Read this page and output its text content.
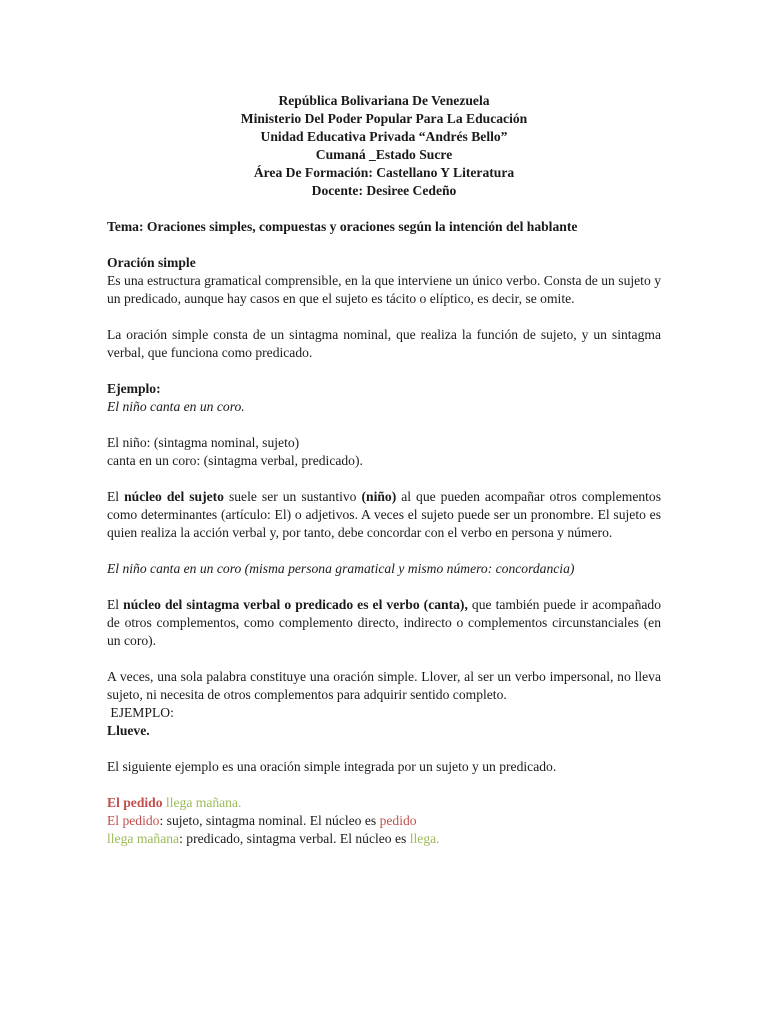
República Bolivariana De Venezuela
Ministerio Del Poder Popular Para La Educación
Unidad Educativa Privada “Andrés Bello”
Cumaná _Estado Sucre
Área De Formación: Castellano Y Literatura
Docente: Desiree Cedeño

Tema: Oraciones simples, compuestas y oraciones según la intención del hablante

Oración simple

Es una estructura gramatical comprensible, en la que interviene un único verbo. Consta de un sujeto y un predicado, aunque hay casos en que el sujeto es tácito o elíptico, es decir, se omite.

La oración simple consta de un sintagma nominal, que realiza la función de sujeto, y un sintagma verbal, que funciona como predicado.

Ejemplo:

El niño canta en un coro.

El niño: (sintagma nominal, sujeto)

canta en un coro: (sintagma verbal, predicado).

El núcleo del sujeto suele ser un sustantivo (niño) al que pueden acompañar otros complementos como determinantes (artículo: El) o adjetivos. A veces el sujeto puede ser un pronombre. El sujeto es quien realiza la acción verbal y, por tanto, debe concordar con el verbo en persona y número.

El niño canta en un coro (misma persona gramatical y mismo número: concordancia)

El núcleo del sintagma verbal o predicado es el verbo (canta), que también puede ir acompañado de otros complementos, como complemento directo, indirecto o complementos circunstanciales (en un coro).

A veces, una sola palabra constituye una oración simple. Llover, al ser un verbo impersonal, no lleva sujeto, ni necesita de otros complementos para adquirir sentido completo.

EJEMPLO:

Llueve.

El siguiente ejemplo es una oración simple integrada por un sujeto y un predicado.

El pedido llega mañana.

El pedido: sujeto, sintagma nominal. El núcleo es pedido

llega mañana: predicado, sintagma verbal. El núcleo es llega.
